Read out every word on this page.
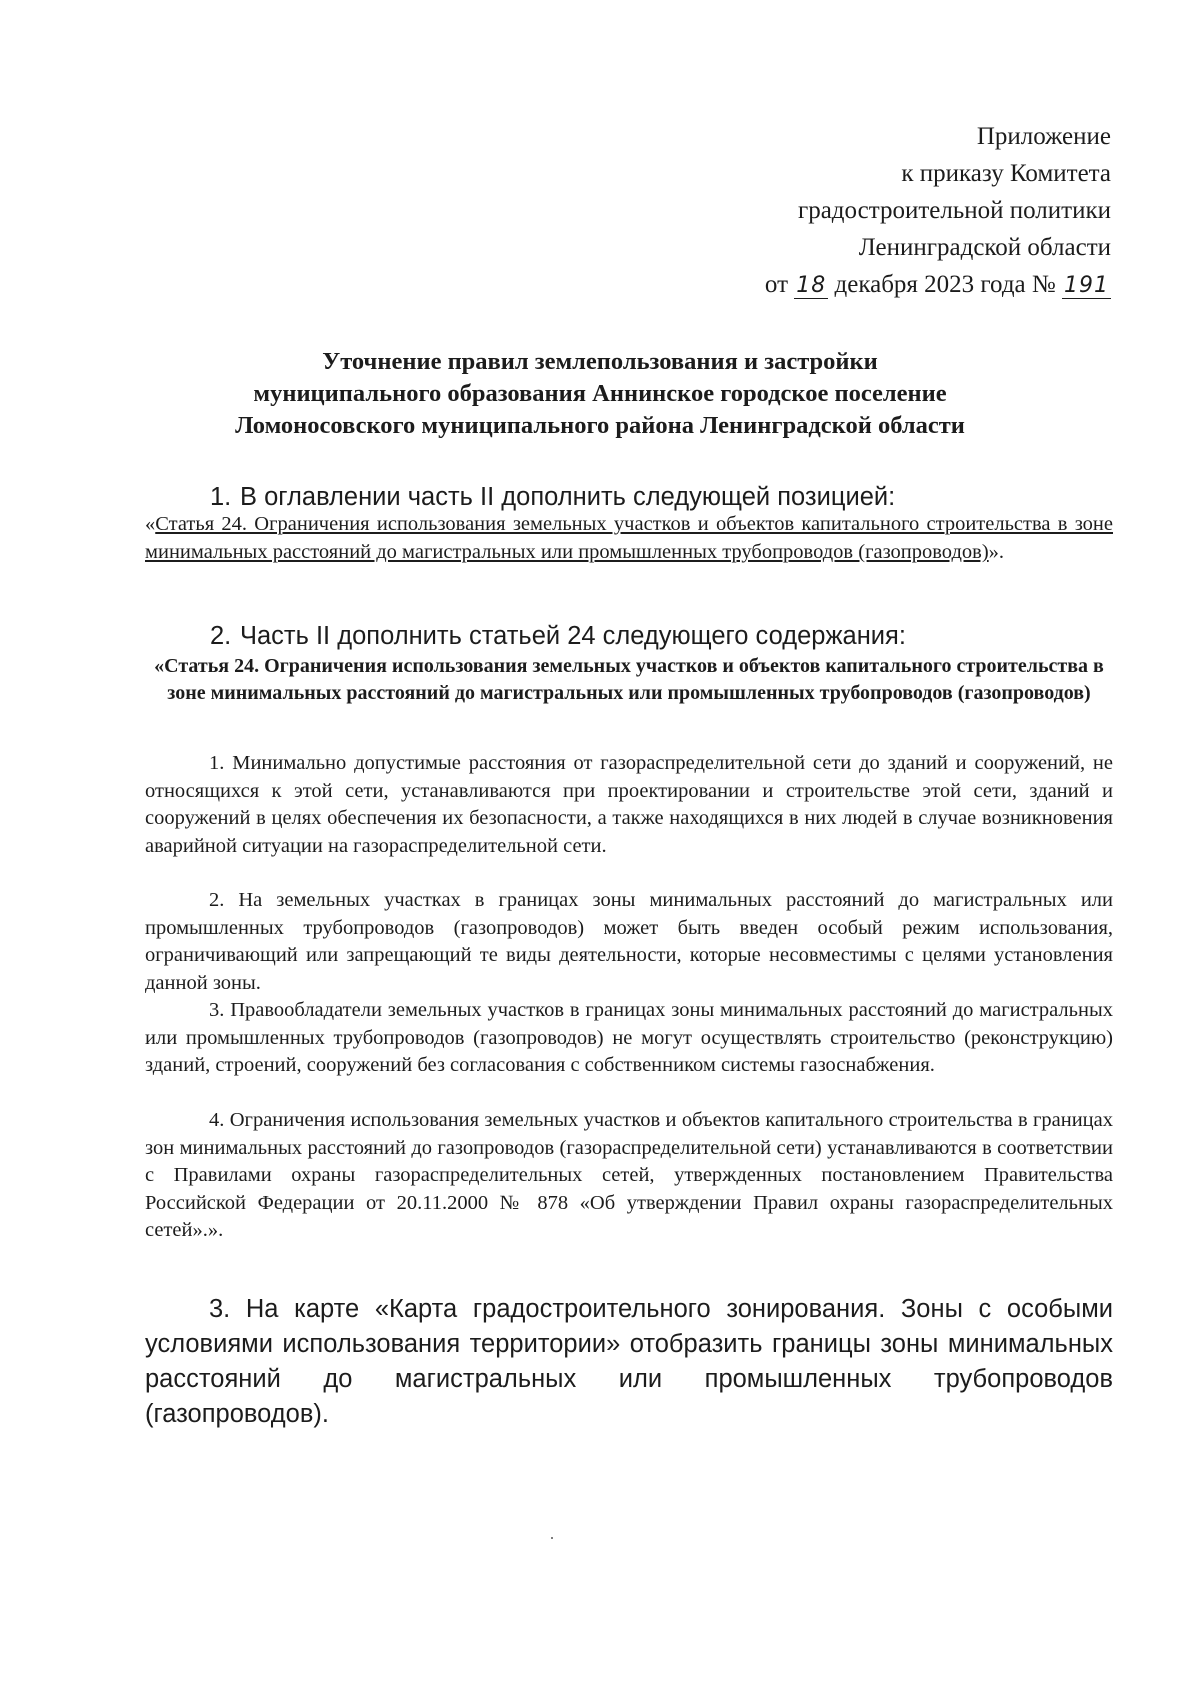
Приложение
к приказу Комитета
градостроительной политики
Ленинградской области
от 18 декабря 2023 года № 191
Уточнение правил землепользования и застройки
муниципального образования Аннинское городское поселение
Ломоносовского муниципального района Ленинградской области

1. В оглавлении часть II дополнить следующей позицией:

«Статья 24. Ограничения использования земельных участков и объектов капитального строительства в зоне минимальных расстояний до магистральных или промышленных трубопроводов (газопроводов)».

2. Часть II дополнить статьей 24 следующего содержания:

«Статья 24. Ограничения использования земельных участков и объектов капитального строительства в зоне минимальных расстояний до магистральных или промышленных трубопроводов (газопроводов)

1. Минимально допустимые расстояния от газораспределительной сети до зданий и сооружений, не относящихся к этой сети, устанавливаются при проектировании и строительстве этой сети, зданий и сооружений в целях обеспечения их безопасности, а также находящихся в них людей в случае возникновения аварийной ситуации на газораспределительной сети.

2. На земельных участках в границах зоны минимальных расстояний до магистральных или промышленных трубопроводов (газопроводов) может быть введен особый режим использования, ограничивающий или запрещающий те виды деятельности, которые несовместимы с целями установления данной зоны.

3. Правообладатели земельных участков в границах зоны минимальных расстояний до магистральных или промышленных трубопроводов (газопроводов) не могут осуществлять строительство (реконструкцию) зданий, строений, сооружений без согласования с собственником системы газоснабжения.

4. Ограничения использования земельных участков и объектов капитального строительства в границах зон минимальных расстояний до газопроводов (газораспределительной сети) устанавливаются в соответствии с Правилами охраны газораспределительных сетей, утвержденных постановлением Правительства Российской Федерации от 20.11.2000 № 878 «Об утверждении Правил охраны газораспределительных сетей».».

3. На карте «Карта градостроительного зонирования. Зоны с особыми условиями использования территории» отобразить границы зоны минимальных расстояний до магистральных или промышленных трубопроводов (газопроводов).
